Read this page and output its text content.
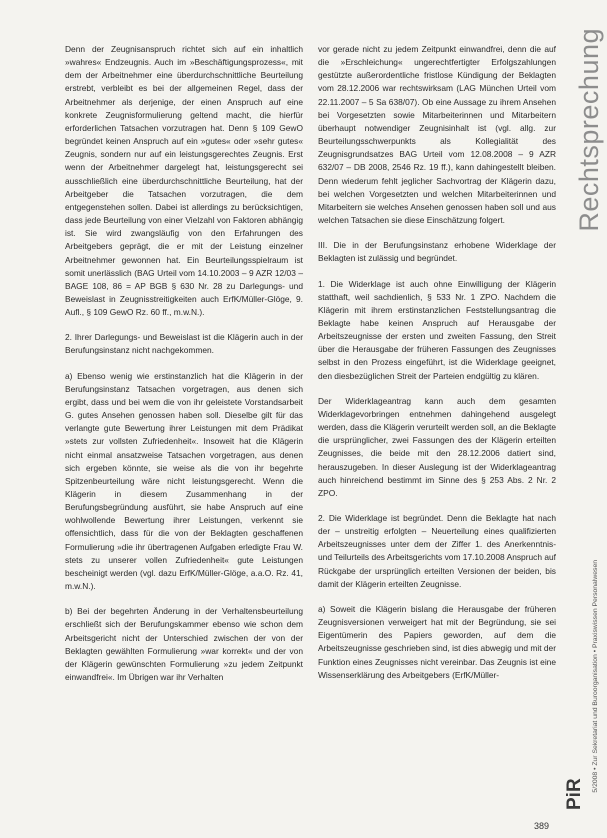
Rechtsprechung

Denn der Zeugnisanspruch richtet sich auf ein inhaltlich »wahres« Endzeugnis. Auch im »Beschäftigungsprozess«, mit dem der Arbeitnehmer eine überdurchschnittliche Beurteilung erstrebt, verbleibt es bei der allgemeinen Regel, dass der Arbeitnehmer als derjenige, der einen Anspruch auf eine konkrete Zeugnisformulierung geltend macht, die hierfür erforderlichen Tatsachen vorzutragen hat. Denn § 109 GewO begründet keinen Anspruch auf ein »gutes« oder »sehr gutes« Zeugnis, sondern nur auf ein leistungsgerechtes Zeugnis. Erst wenn der Arbeitnehmer dargelegt hat, leistungsgerecht sei ausschließlich eine überdurchschnittliche Beurteilung, hat der Arbeitgeber die Tatsachen vorzutragen, die dem entgegenstehen sollen. Dabei ist allerdings zu berücksichtigen, dass jede Beurteilung von einer Vielzahl von Faktoren abhängig ist. Sie wird zwangsläufig von den Erfahrungen des Arbeitgebers geprägt, die er mit der Leistung einzelner Arbeitnehmer gewonnen hat. Ein Beurteilungsspielraum ist somit unerlässlich (BAG Urteil vom 14.10.2003 – 9 AZR 12/03 – BAGE 108, 86 = AP BGB § 630 Nr. 28 zu Darlegungs- und Beweislast in Zeugnisstreitigkeiten auch ErfK/Müller-Glöge, 9. Aufl., § 109 GewO Rz. 60 ff., m.w.N.).

2. Ihrer Darlegungs- und Beweislast ist die Klägerin auch in der Berufungsinstanz nicht nachgekommen.

a) Ebenso wenig wie erstinstanzlich hat die Klägerin in der Berufungsinstanz Tatsachen vorgetragen, aus denen sich ergibt, dass und bei wem die von ihr geleistete Vorstandsarbeit G. gutes Ansehen genossen haben soll. Dieselbe gilt für das verlangte gute Bewertung ihrer Leistungen mit dem Prädikat »stets zur vollsten Zufriedenheit«. Insoweit hat die Klägerin nicht einmal ansatzweise Tatsachen vorgetragen, aus denen sich ergeben könnte, sie weise als die von ihr begehrte Spitzenbeurteilung wäre nicht leistungsgerecht. Wenn die Klägerin in diesem Zusammenhang in der Berufungsbegründung ausführt, sie habe Anspruch auf eine wohlwollende Bewertung ihrer Leistungen, verkennt sie offensichtlich, dass für die von der Beklagten geschaffenen Formulierung »die ihr übertragenen Aufgaben erledigte Frau W. stets zu unserer vollen Zufriedenheit« gute Leistungen bescheinigt werden (vgl. dazu ErfK/Müller-Glöge, a.a.O. Rz. 41, m.w.N.).

b) Bei der begehrten Änderung in der Verhaltensbeurteilung erschließt sich der Berufungskammer ebenso wie schon dem Arbeitsgericht nicht der Unterschied zwischen der von der Beklagten gewählten Formulierung »war korrekt« und der von der Klägerin gewünschten Formulierung »zu jedem Zeitpunkt einwandfrei«. Im Übrigen war ihr Verhalten

vor gerade nicht zu jedem Zeitpunkt einwandfrei, denn die auf die »Erschleichung« ungerechtfertigter Erfolgszahlungen gestützte außerordentliche fristlose Kündigung der Beklagten vom 28.12.2006 war rechtswirksam (LAG München Urteil vom 22.11.2007 – 5 Sa 638/07). Ob eine Aussage zu ihrem Ansehen bei Vorgesetzten sowie Mitarbeiterinnen und Mitarbeitern überhaupt notwendiger Zeugnisinhalt ist (vgl. allg. zur Beurteilungsschwerpunkts als Kollegialität des Zeugnisgrundsatzes BAG Urteil vom 12.08.2008 – 9 AZR 632/07 – DB 2008, 2546 Rz. 19 ff.), kann dahingestellt bleiben. Denn wiederum fehlt jeglicher Sachvortrag der Klägerin dazu, bei welchen Vorgesetzten und welchen Mitarbeiterinnen und Mitarbeitern sie welches Ansehen genossen haben soll und aus welchen Tatsachen sie diese Einschätzung folgert.

III. Die in der Berufungsinstanz erhobene Widerklage der Beklagten ist zulässig und begründet.

1. Die Widerklage ist auch ohne Einwilligung der Klägerin statthaft, weil sachdienlich, § 533 Nr. 1 ZPO. Nachdem die Klägerin mit ihrem erstinstanzlichen Feststellungsantrag die Beklagte habe keinen Anspruch auf Herausgabe der Arbeitszeugnisse der ersten und zweiten Fassung, den Streit über die Herausgabe der früheren Fassungen des Zeugnisses selbst in den Prozess eingeführt, ist die Widerklage geeignet, den diesbezüglichen Streit der Parteien endgültig zu klären.

Der Widerklageantrag kann auch dem gesamten Widerklagevorbringen entnehmen dahingehend ausgelegt werden, dass die Klägerin verurteilt werden soll, an die Beklagte die ursprünglicher, zwei Fassungen des der Klägerin erteilten Zeugnisses, die beide mit den 28.12.2006 datiert sind, herauszugeben. In dieser Auslegung ist der Widerklageantrag auch hinreichend bestimmt im Sinne des § 253 Abs. 2 Nr. 2 ZPO.

2. Die Widerklage ist begründet. Denn die Beklagte hat nach der – unstreitig erfolgten – Neuerteilung eines qualifizierten Arbeitszeugnisses unter dem der Ziffer 1. des Anerkenntnis- und Teilurteils des Arbeitsgerichts vom 17.10.2008 Anspruch auf Rückgabe der ursprünglich erteilten Versionen der beiden, bis damit der Klägerin erteilten Zeugnisse.

a) Soweit die Klägerin bislang die Herausgabe der früheren Zeugnisversionen verweigert hat mit der Begründung, sie sei Eigentümerin des Papiers geworden, auf dem die Arbeitszeugnisse geschrieben sind, ist dies abwegig und mit der Funktion eines Zeugnisses nicht vereinbar. Das Zeugnis ist eine Wissenserklärung des Arbeitgebers (ErfK/Müller-	5/2008 • Zur Sekretariat und Buroorganisation • Praxiswissen Personalwesen
PiR
389
